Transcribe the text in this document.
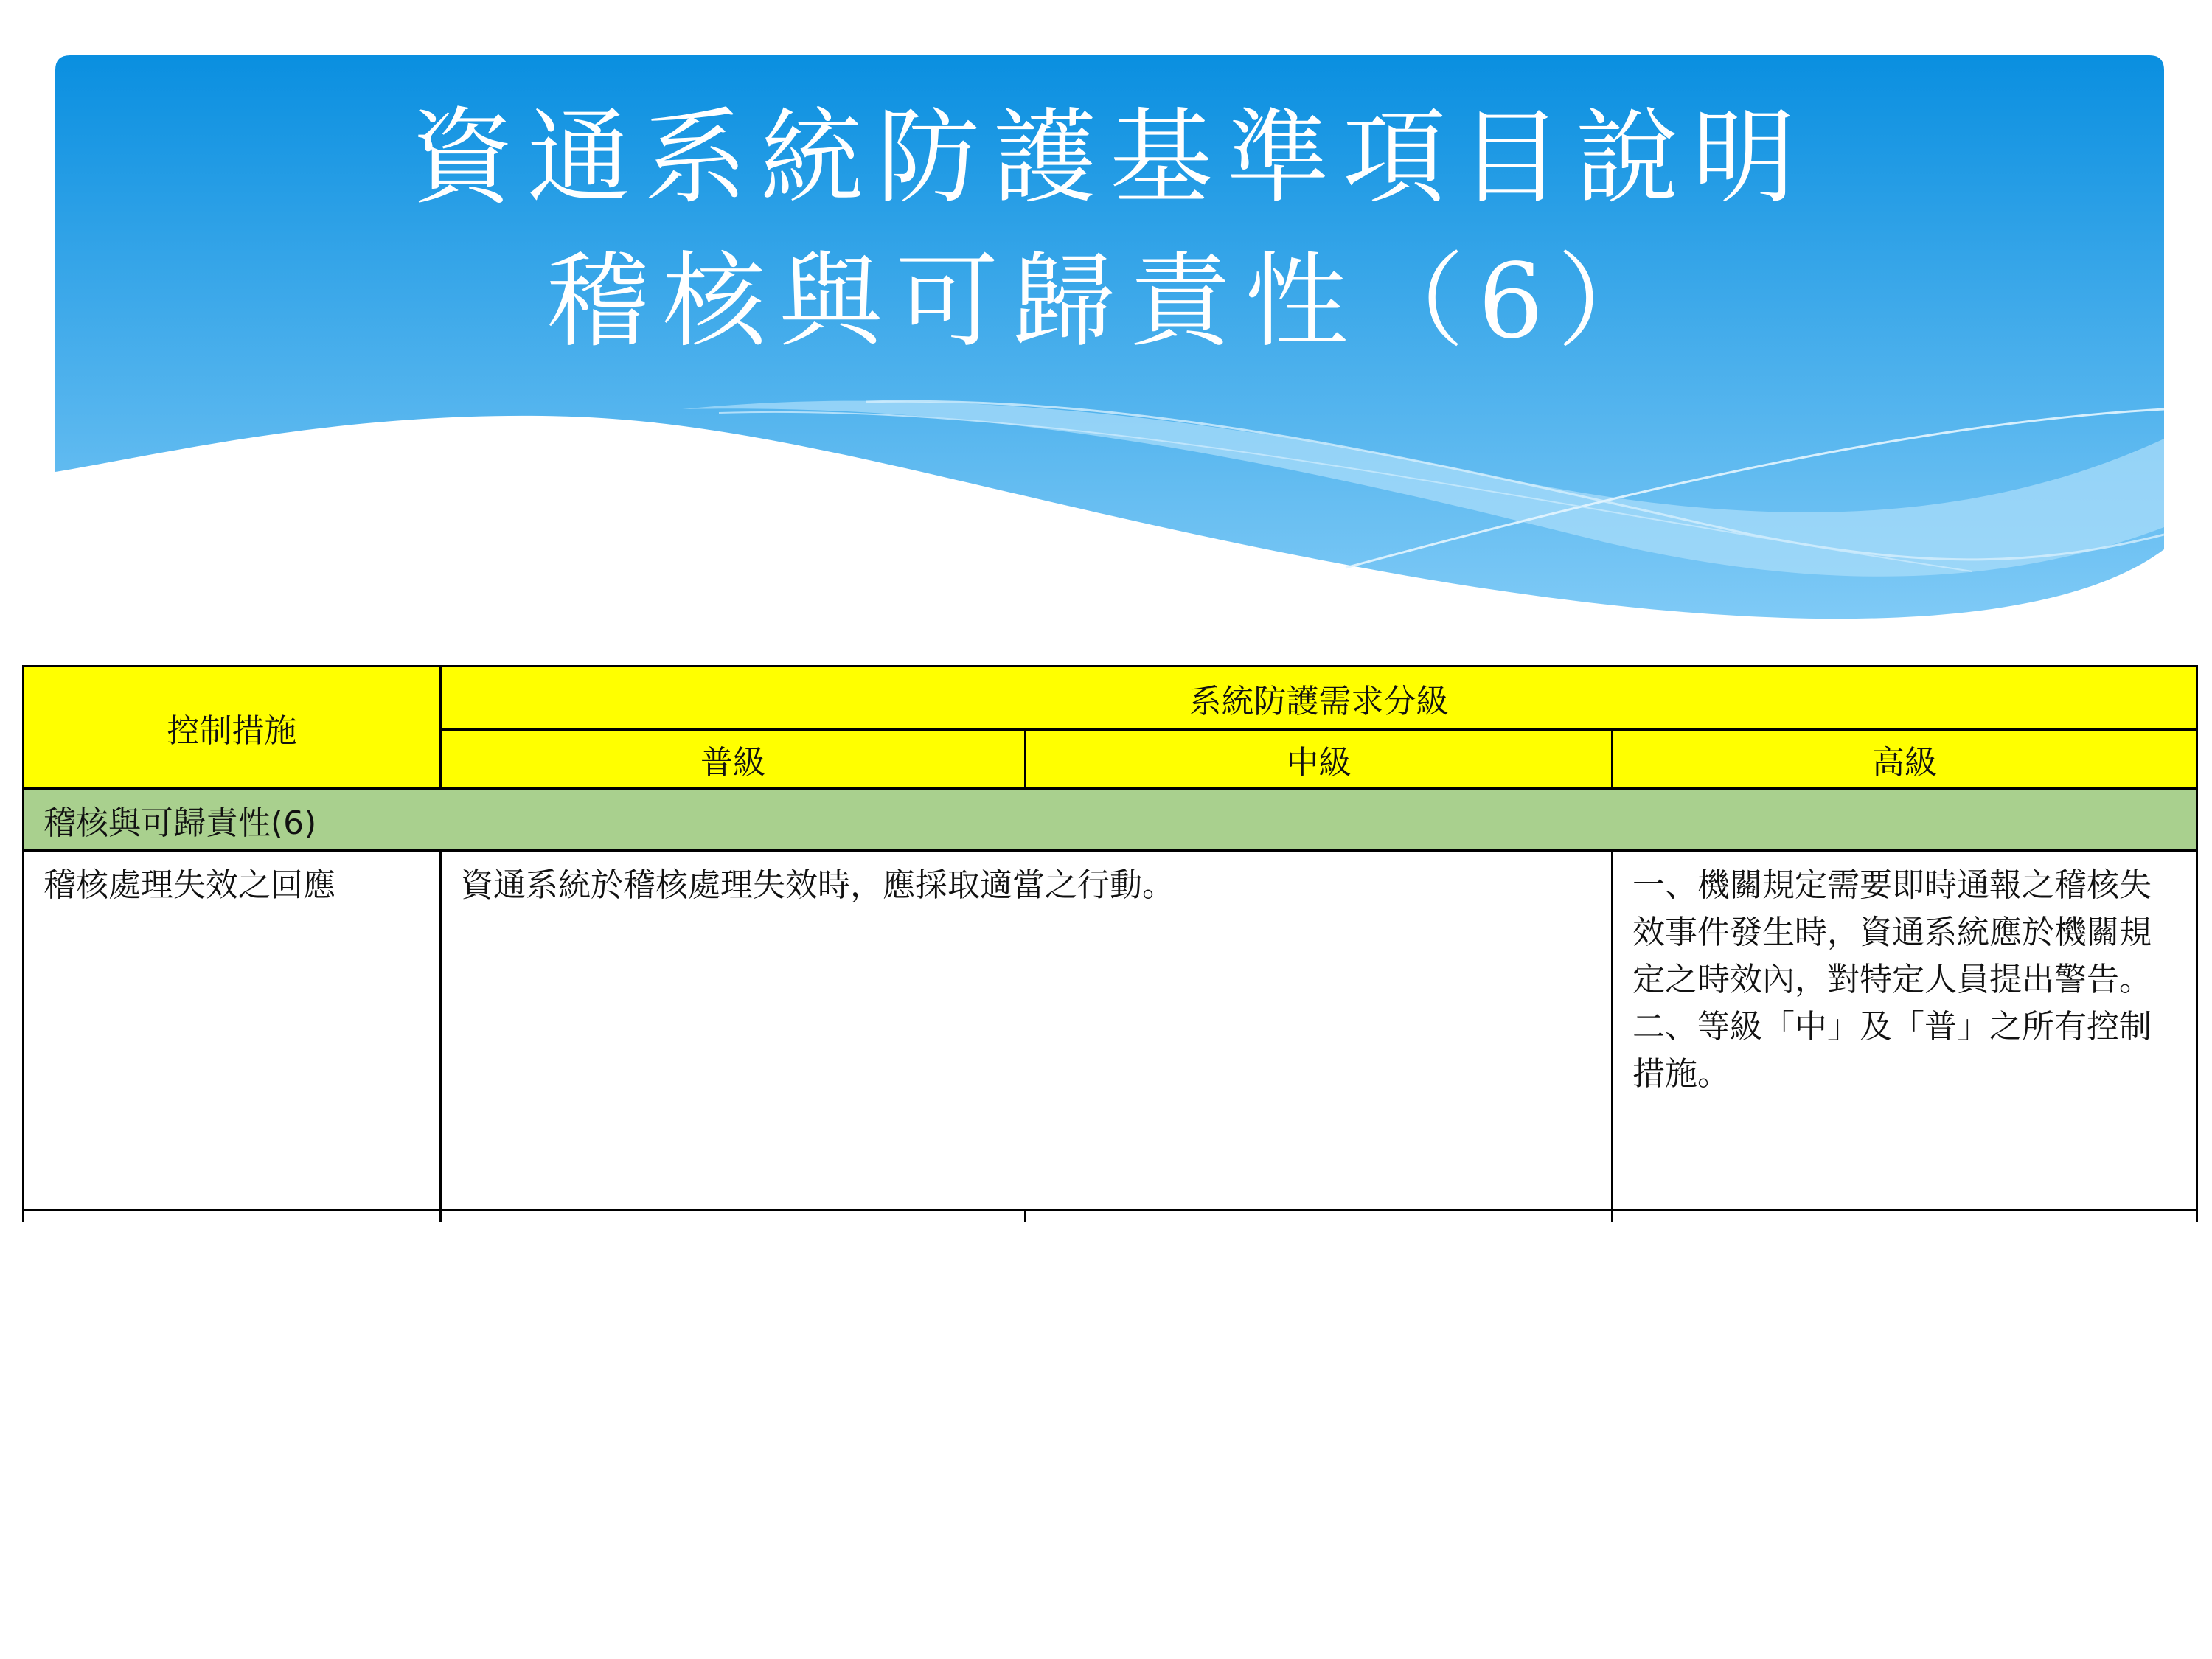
資通系統防護基準項目說明
稽核與可歸責性（6）
控制措施	系統防護需求分級		
	普級	中級	高級
稽核與可歸責性(6)			

稽核處理失效之回應	資通系統於稽核處理失效時，應採取適當之行動。		一、機關規定需要即時通報之稽核失效事件發生時，資通系統應於機關規定之時效內，對特定人員提出警告。
二、等級「中」及「普」之所有控制措施。
